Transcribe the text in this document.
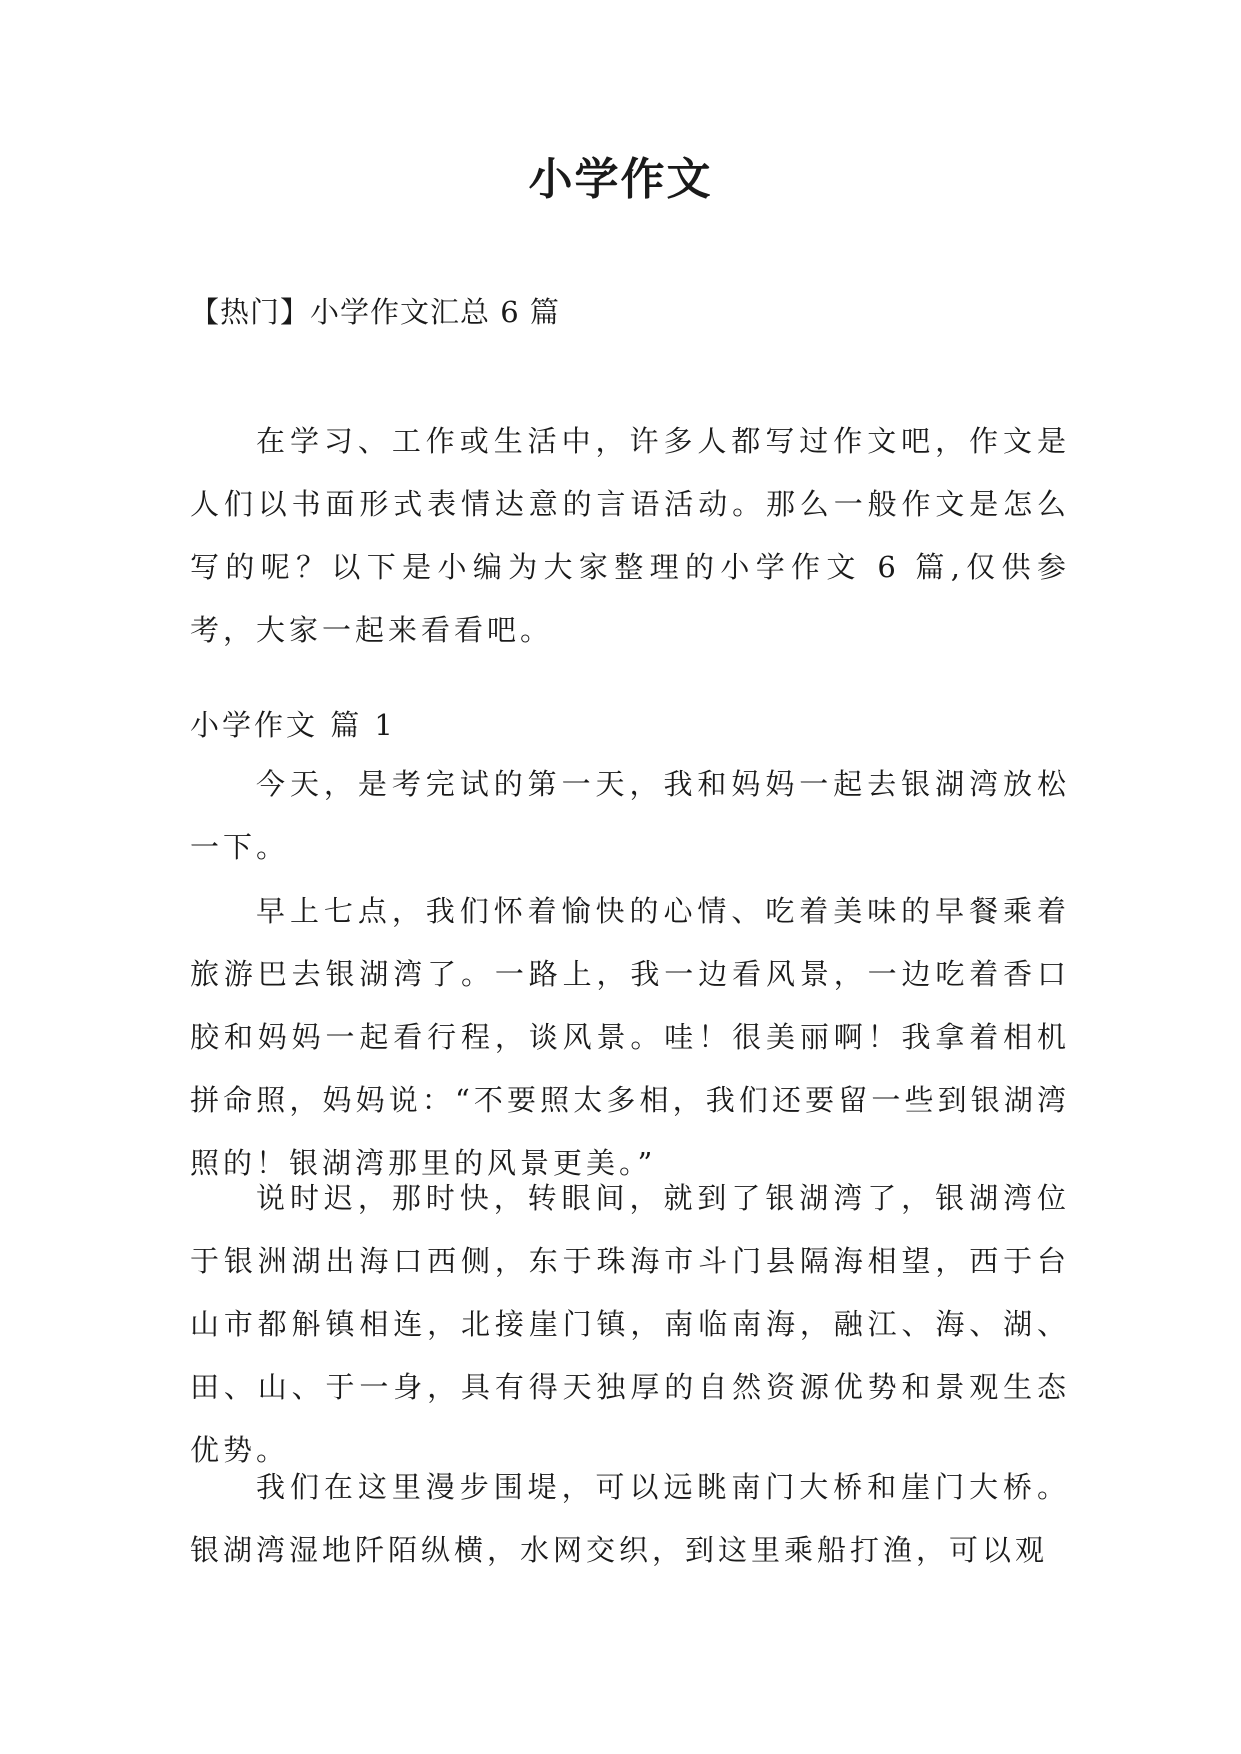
小学作文
【热门】小学作文汇总 6 篇

在学习、工作或生活中，许多人都写过作文吧，作文是人们以书面形式表情达意的言语活动。那么一般作文是怎么写的呢？以下是小编为大家整理的小学作文 6 篇,仅供参考，大家一起来看看吧。

小学作文 篇 1

今天，是考完试的第一天，我和妈妈一起去银湖湾放松一下。

早上七点，我们怀着愉快的心情、吃着美味的早餐乘着旅游巴去银湖湾了。一路上，我一边看风景，一边吃着香口胶和妈妈一起看行程，谈风景。哇！很美丽啊！我拿着相机拼命照，妈妈说：“不要照太多相，我们还要留一些到银湖湾照的！银湖湾那里的风景更美。”

说时迟，那时快，转眼间，就到了银湖湾了，银湖湾位于银洲湖出海口西侧，东于珠海市斗门县隔海相望，西于台山市都斛镇相连，北接崖门镇，南临南海，融江、海、湖、田、山、于一身，具有得天独厚的自然资源优势和景观生态优势。

我们在这里漫步围堤，可以远眺南门大桥和崖门大桥。银湖湾湿地阡陌纵横，水网交织，到这里乘船打渔，可以观
